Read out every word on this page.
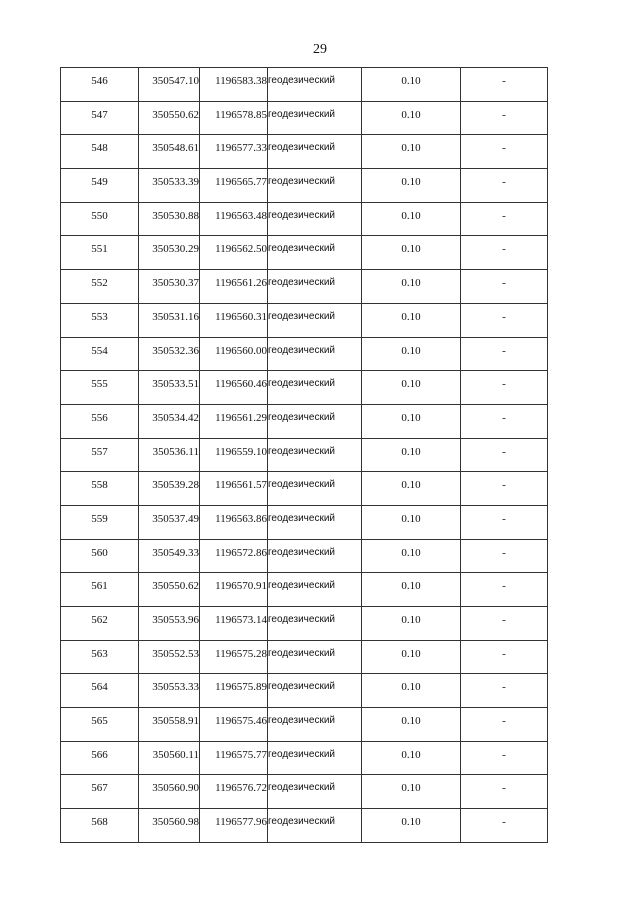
29
546	350547.10	1196583.38	геодезический	0.10	-
547	350550.62	1196578.85	геодезический	0.10	-
548	350548.61	1196577.33	геодезический	0.10	-
549	350533.39	1196565.77	геодезический	0.10	-
550	350530.88	1196563.48	геодезический	0.10	-
551	350530.29	1196562.50	геодезический	0.10	-
552	350530.37	1196561.26	геодезический	0.10	-
553	350531.16	1196560.31	геодезический	0.10	-
554	350532.36	1196560.00	геодезический	0.10	-
555	350533.51	1196560.46	геодезический	0.10	-
556	350534.42	1196561.29	геодезический	0.10	-
557	350536.11	1196559.10	геодезический	0.10	-
558	350539.28	1196561.57	геодезический	0.10	-
559	350537.49	1196563.86	геодезический	0.10	-
560	350549.33	1196572.86	геодезический	0.10	-
561	350550.62	1196570.91	геодезический	0.10	-
562	350553.96	1196573.14	геодезический	0.10	-
563	350552.53	1196575.28	геодезический	0.10	-
564	350553.33	1196575.89	геодезический	0.10	-
565	350558.91	1196575.46	геодезический	0.10	-
566	350560.11	1196575.77	геодезический	0.10	-
567	350560.90	1196576.72	геодезический	0.10	-
568	350560.98	1196577.96	геодезический	0.10	-
